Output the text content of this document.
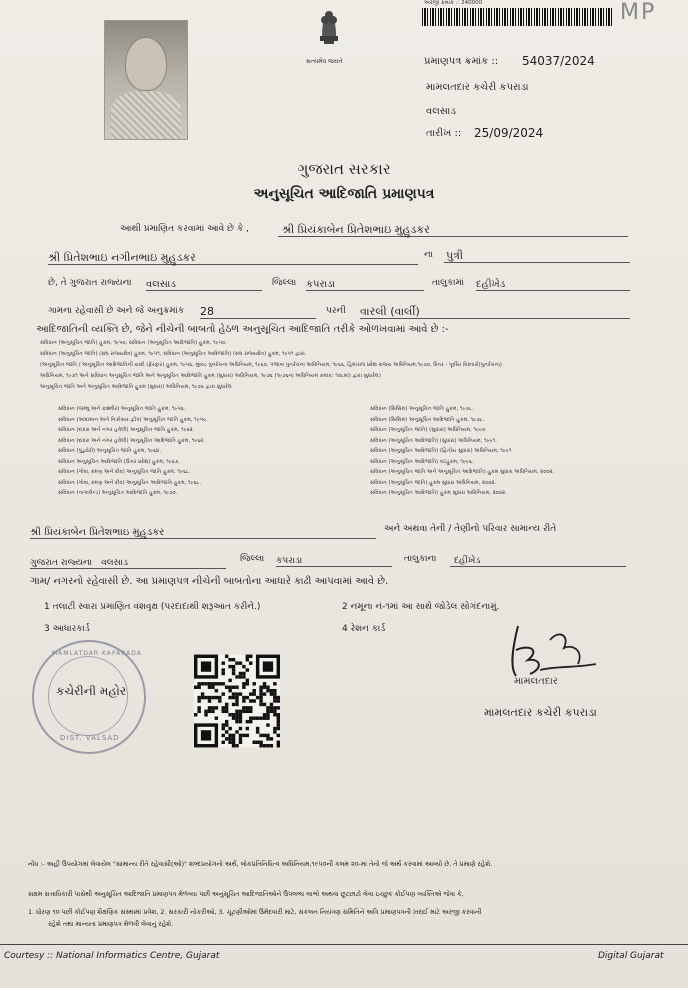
સત્યમેવ જયતે
અરજી ક્રમાંક :: 240000	MP
પ્રમાણપત્ર ક્રમાંક :: 54037/2024
મામલતદાર કચેરી કપરાડા
વલસાડ
તારીખ :: 25/09/2024
ગુજરાત સરકાર
અનુસૂચિત આદિજાતિ પ્રમાણપત્ર
આથી પ્રમાણિત કરવામાં આવે છે કે ,	શ્રી પ્રિયંકાબેન પ્રિતેશભાઇ મુહુડકર
શ્રી પ્રિતેશભાઇ નગીનભાઇ મુહુડકર	ના પુત્રી
છે, તે ગુજરાત રાજ્યના વલસાડ	જિલ્લા કપરાડા	તાલુકામાં દહીખેડ
ગામના રહેવાસી છે અને જે અનુક્રમાંક 28	પરની વારલી (વાર્લી)
આદિજાતિની વ્યક્તિ છે, જેને નીચેની બાબતો હેઠળ અનુસૂચિત આદિજાતિ તરીકે ઓળખવામાં આવે છે :-
સંવિધાન (અનુસૂચિત જાતિ) હુકમ, ૧૯૫૦, સંવિધાન (અનુસૂચિત આદિજાતિ) હુકમ, ૧૯૫૦.
સંવિધાન (અનુસૂચિત જાતિ) (સંઘ રાજ્યક્ષેત્ર) હુકમ, ૧૯૫૧, સંવિધાન (અનુસૂચિત આદિજાતિ) (સંઘ રાજ્યક્ષેત્ર) હુકમ, ૧૯૫૧ દ્વારા.
(અનુસૂચિત જાતિ / અનુસૂચિત આદિજાતિની યાદી (ફેરફાર) હુકમ, ૧૯૫૬, મુંબઇ પુનર્રચના અધિનિયમ, ૧૯૬૦, પંજાબ પુનર્રચના અધિનિયમ, ૧૯૬૬, હિમાચલ પ્રદેશ રાજ્ય અધિનિયમ,૧૯૭૦, ઉત્તર - પૂર્વીય વિસ્તારો(પુનર્રચના)
અધિનિયમ, ૧૯૭૧ અને સંવિધાન અનુસૂચિત જાતિ અને અનુસૂચિત આદિજાતિ હુકમ (સુધારા) અધિનિયમ, ૧૯૭૬ (૧૯૭૬ના અધિનિયમ ક્રમાંક: ૧૦૮માં) દ્વારા સુધારેલ)
અનુસૂચિત જાતિ અને અનુસૂચિત આદિજાતિ હુકમ (સુધારા) અધિનિયમ, ૧૯૭૬ દ્વારા સુધારેલ
સંવિધાન (જમ્મુ અને કાશ્મીર) અનુસૂચિત જાતિ હુકમ, ૧૯૫૬.
સંવિધાન (આંદામાન અને નિકોબાર દ્વીપ) અનુસૂચિત જાતિ હુકમ, ૧૯૫૯.
સંવિધાન (દાદરા અને નગર હવેલી) અનુસૂચિત જાતિ હુકમ, ૧૯૬૨.
સંવિધાન (દાદરા અને નગર હવેલી) અનુસૂચિત આદિજાતિ હુકમ, ૧૯૬૨.
સંવિધાન (પુંડુચેરી) અનુસૂચિત જાતિ હુકમ, ૧૯૬૪.
સંવિધાન અનુસૂચિત આદિજાતિ (ઉત્તર પ્રદેશ) હુકમ, ૧૯૬૭.
સંવિધાન (ગોવા, દમણ અને દીવ) અનુસૂચિત જાતિ હુકમ, ૧૯૬૮.
સંવિધાન (ગોવા, દમણ અને દીવ) અનુસૂચિત આદિજાતિ હુકમ, ૧૯૬૮.
સંવિધાન (નાગાલેન્ડ) અનુસૂચિત આદિજાતિ હુકમ, ૧૯૭૦.
સંવિધાન (સિક્કિમ) અનુસૂચિત જાતિ હુકમ, ૧૯૭૮.
સંવિધાન (સિક્કિમ) અનુસૂચિત આદિજાતિ હુકમ, ૧૯૭૮.
સંવિધાન (અનુસૂચિત જાતિ) (સુધારા) અધિનિયમ, ૧૯૯૦.
સંવિધાન (અનુસૂચિત આદિજાતિ) (સુધારા) અધિનિયમ, ૧૯૯૧.
સંવિધાન (અનુસૂચિત આદિજાતિ) (દ્વિતીય સુધારા) અધિનિયમ, ૧૯૯૧
સંવિધાન (અનુસૂચિત આદિજાતિ) વટહુકમ, ૧૯૯૬.
સંવિધાન (અનુસૂચિત જાતિ અને અનુસૂચિત આદિજાતિ) હુકમ સુધારા અધિનિયમ, ૨૦૦૨.
સંવિધાન (અનુસૂચિત જાતિ) હુકમ સુધારા અધિનિયમ, ૨૦૦૨.
સંવિધાન (અનુસૂચિત આદિજાતિ) હુકમ સુધારા અધિનિયમ, ૨૦૦૨.
શ્રી પ્રિયંકાબેન પ્રિતેશભાઇ મુહુડકર	અને અથવા તેની / તેણીનો પરિવાર સામાન્ય રીતે
ગુજરાત રાજ્યના વલસાડ	જિલ્લા કપરાડા	તાલુકાના	દહીખેડ
ગામ/ નગરનો રહેવાસી છે. આ પ્રમાણપત્ર નીચેની બાબતોના આધારે કાઢી આપવામાં આવે છે.
1 તલાટી સ્વારા પ્રમાણિત વંશવૃક્ષ (પરદાદાથી શરૂઆત કરીને.)	2 નમૂના નં-૧માં આ સાથે જોડેલ સોગંદનામું.
3 આધારકાર્ડ	4 રેશન કાર્ડ
MAMLATDAR KAPARADA
DIST. VALSAD
કચેરીની મહોર
મામલતદાર
મામલતદાર કચેરી કપરાડા
નોંધ :- અહીં ઉપયોગમાં લેવાયેલ "સામાન્ય રીતે રહેવાસી(ઓ)" શબ્દપ્રયોગનો અર્થ, લોકપ્રતિનિધિત્વ અધિનિયમ,૧૯૫૦ની કલમ ૨૦-માં તેનો જે અર્થ કરવામાં આવ્યો છે, તે પ્રમાણે રહેશે.
સક્ષમ સત્તાધિકારી પાસેથી અનુસૂચિત આદિજાતિ પ્રમાણપત્ર મેળવ્યા પછી અનુસૂચિત આદિજાતિઓને ઉપલબ્ધ લાભો અથવા છૂટછાટો લેવા ઇચ્છુક કોઈપણ વ્યક્તિએ જેવા કે,
1. ધોરણ ૧૦ પછી કોઈપણ શૈક્ષણિક સંસ્થામાં પ્રવેશ, 2. સરકારી નોકરીઓ, 3. ચૂંટણીઓમાં ઉમેદવારી માટે, સંકલન નિયંત્રણ સમિતિને અત્રિ પ્રમાણપત્રની ખરાઈ માટે અરજી કરવાની
રહેશે તથા માન્યતા પ્રમાણપત્ર મેળવી લેવાનું રહેશે.
Courtesy :: National Informatics Centre, Gujarat	Digital Gujarat
